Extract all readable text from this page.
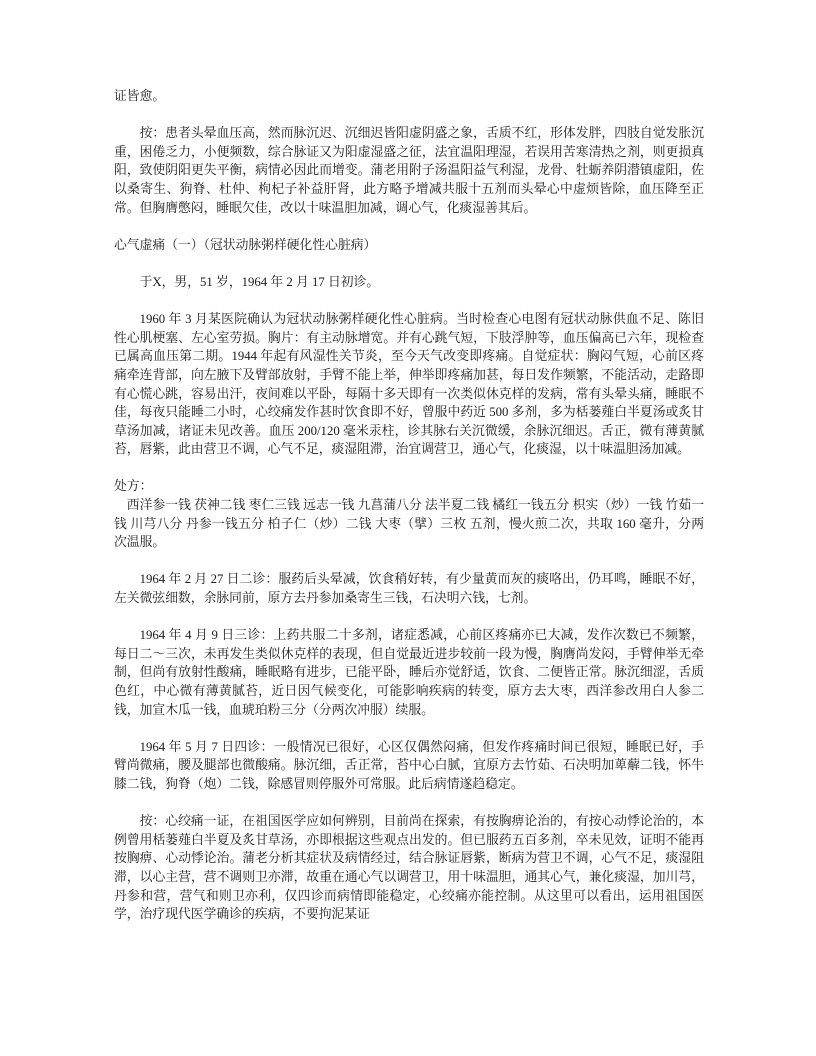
证皆愈。

按：患者头晕血压高，然而脉沉迟、沉细迟皆阳虚阴盛之象，舌质不红，形体发胖，四肢自觉发胀沉重，困倦乏力，小便频数，综合脉证又为阳虚湿盛之征，法宜温阳理湿，若误用苦寒清热之剂，则更损真阳，致使阴阳更失平衡，病情必因此而增变。蒲老用附子汤温阳益气利湿，龙骨、牡蛎养阴潜镇虚阳，佐以桑寄生、狗脊、杜仲、枸杞子补益肝肾，此方略予增减共服十五剂而头晕心中虚烦皆除，血压降至正常。但胸膺憋闷，睡眠欠佳，改以十味温胆加减，调心气，化痰湿善其后。

心气虚痛（一）（冠状动脉粥样硬化性心脏病）

于X，男，51 岁，1964 年 2 月 17 日初诊。

1960 年 3 月某医院确认为冠状动脉粥样硬化性心脏病。当时检查心电图有冠状动脉供血不足、陈旧性心肌梗塞、左心室劳损。胸片：有主动脉增宽。并有心跳气短，下肢浮肿等，血压偏高已六年，现检查已属高血压第二期。1944 年起有风湿性关节炎，至今天气改变即疼痛。自觉症状：胸闷气短，心前区疼痛牵连背部，向左腋下及臂部放射，手臂不能上举，伸举即疼痛加甚，每日发作频繁，不能活动，走路即有心慌心跳，容易出汗，夜间难以平卧，每隔十多天即有一次类似休克样的发病，常有头晕头痛，睡眠不佳，每夜只能睡二小时，心绞痛发作甚时饮食即不好，曾服中药近 500 多剂，多为栝蒌薤白半夏汤或炙甘草汤加减，诸证未见改善。血压 200/120 毫米汞柱，诊其脉右关沉微缓，余脉沉细迟。舌正，微有薄黄腻苔，唇紫，此由营卫不调，心气不足，痰湿阻滞，治宜调营卫，通心气，化痰湿，以十味温胆汤加减。

处方：

西洋参一钱 茯神二钱 枣仁三钱 远志一钱 九菖蒲八分 法半夏二钱 橘红一钱五分 枳实（炒）一钱 竹茹一钱 川芎八分 丹参一钱五分 柏子仁（炒）二钱 大枣（擘）三枚 五剂，慢火煎二次，共取 160 毫升，分两次温服。

1964 年 2 月 27 日二诊：服药后头晕减，饮食稍好转，有少量黄而灰的痰咯出，仍耳鸣，睡眠不好，左关微弦细数，余脉同前，原方去丹参加桑寄生三钱，石决明六钱，七剂。

1964 年 4 月 9 日三诊：上药共服二十多剂，诸症悉减，心前区疼痛亦已大减，发作次数已不频繁，每日二～三次，未再发生类似休克样的表现，但自觉最近进步较前一段为慢，胸膺尚发闷，手臂伸举无牵制，但尚有放射性酸痛，睡眠略有进步，已能平卧，睡后亦觉舒适，饮食、二便皆正常。脉沉细涩，舌质色红，中心微有薄黄腻苔，近日因气候变化，可能影响疾病的转变，原方去大枣，西洋参改用白人参二钱，加宣木瓜一钱，血琥珀粉三分（分两次冲服）续服。

1964 年 5 月 7 日四诊：一般情况已很好，心区仅偶然闷痛，但发作疼痛时间已很短，睡眠已好，手臂尚微痛，腰及腿部也微酸痛。脉沉细，舌正常，苔中心白腻，宜原方去竹茹、石决明加萆薢二钱，怀牛膝二钱，狗脊（炮）二钱，除感冒则停服外可常服。此后病情遂趋稳定。

按：心绞痛一证，在祖国医学应如何辨别，目前尚在探索，有按胸痹论治的，有按心动悸论治的，本例曾用栝蒌薤白半夏及炙甘草汤，亦即根据这些观点出发的。但已服药五百多剂，卒未见效，证明不能再按胸痹、心动悸论治。蒲老分析其症状及病情经过，结合脉证唇紫，断病为营卫不调，心气不足，痰湿阻滞，以心主营，营不调则卫亦滞，故重在通心气以调营卫，用十味温胆，通其心气，兼化痰湿，加川芎，丹参和营，营气和则卫亦利，仅四诊而病情即能稳定，心绞痛亦能控制。从这里可以看出，运用祖国医学，治疗现代医学确诊的疾病，不要拘泥某证
